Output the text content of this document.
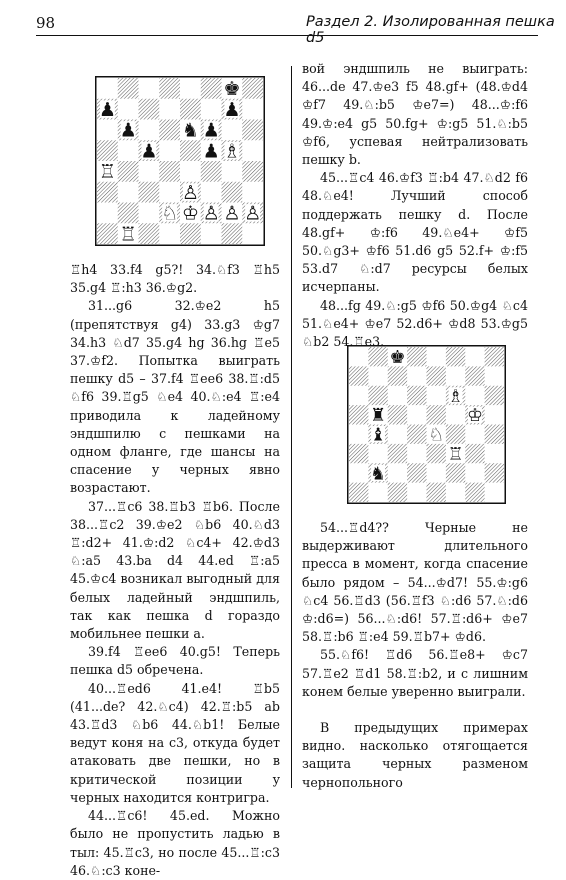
98	Раздел 2. Изолированная пешка d5
♚
♟	♟
♟ ♞ ♟
♟ ♟
♖
♙
♘ ♔ ♙ ♙ ♙
♖
♗
♚
♗
♔
♜
♝ ♘
♖
♞

♖h4 33.f4 g5?! 34.♘f3 ♖h5 35.g4 ♖:h3 36.♔g2.

31...g6 32.♔e2 h5 (препятствуя g4) 33.g3 ♔g7 34.h3 ♘d7 35.g4 hg 36.hg ♖e5 37.♔f2. Попытка выиграть пешку d5 – 37.f4 ♖ee6 38.♖:d5 ♘f6 39.♖g5 ♘e4 40.♘:e4 ♖:e4 приводила к ладейному эндшпилю с пешками на одном фланге, где шансы на спасение у черных явно возрастают.

37...♖c6 38.♖b3 ♖b6. После 38...♖c2 39.♔e2 ♘b6 40.♘d3 ♖:d2+ 41.♔:d2 ♘c4+ 42.♔d3 ♘:a5 43.ba d4 44.ed ♖:a5 45.♔c4 возникал выгодный для белых ладейный эндшпиль, так как пешка d гораздо мобильнее пешки a.

39.f4 ♖ee6 40.g5! Теперь пешка d5 обречена.

40...♖ed6 41.e4! ♖b5 (41...de? 42.♘c4) 42.♖:b5 ab 43.♖d3 ♘b6 44.♘b1! Белые ведут коня на c3, откуда будет атаковать две пешки, но в критической позиции у черных находится контригра.

44...♖c6! 45.ed. Можно было не пропустить ладью в тыл: 45.♖c3, но после 45...♖:c3 46.♘:c3 коне-

вой эндшпиль не выиграть: 46...de 47.♔e3 f5 48.gf+ (48.♔d4 ♔f7 49.♘:b5 ♔e7=) 48...♔:f6 49.♔:e4 g5 50.fg+ ♔:g5 51.♘:b5 ♔f6, успевая нейтрализовать пешку b.

45...♖c4 46.♔f3 ♖:b4 47.♘d2 f6 48.♘e4! Лучший способ поддержать пешку d. После 48.gf+ ♔:f6 49.♘e4+ ♔f5 50.♘g3+ ♔f6 51.d6 g5 52.f+ ♔:f5 53.d7 ♘:d7 ресурсы белых исчерпаны.

48...fg 49.♘:g5 ♔f6 50.♔g4 ♘c4 51.♘e4+ ♔e7 52.d6+ ♔d8 53.♔g5 ♘b2 54.♖e3.

54...♖d4?? Черные не выдерживают длительного пресса в момент, когда спасение было рядом – 54...♔d7! 55.♔:g6 ♘c4 56.♖d3 (56.♖f3 ♘:d6 57.♘:d6 ♔:d6=) 56...♘:d6! 57.♖:d6+ ♔e7 58.♖:b6 ♖:e4 59.♖b7+ ♔d6.

55.♘f6! ♖d6 56.♖e8+ ♔c7 57.♖e2 ♖d1 58.♖:b2, и с лишним конем белые уверенно выиграли.

В предыдущих примерах видно. насколько отягощается защита черных разменом чернопольного
